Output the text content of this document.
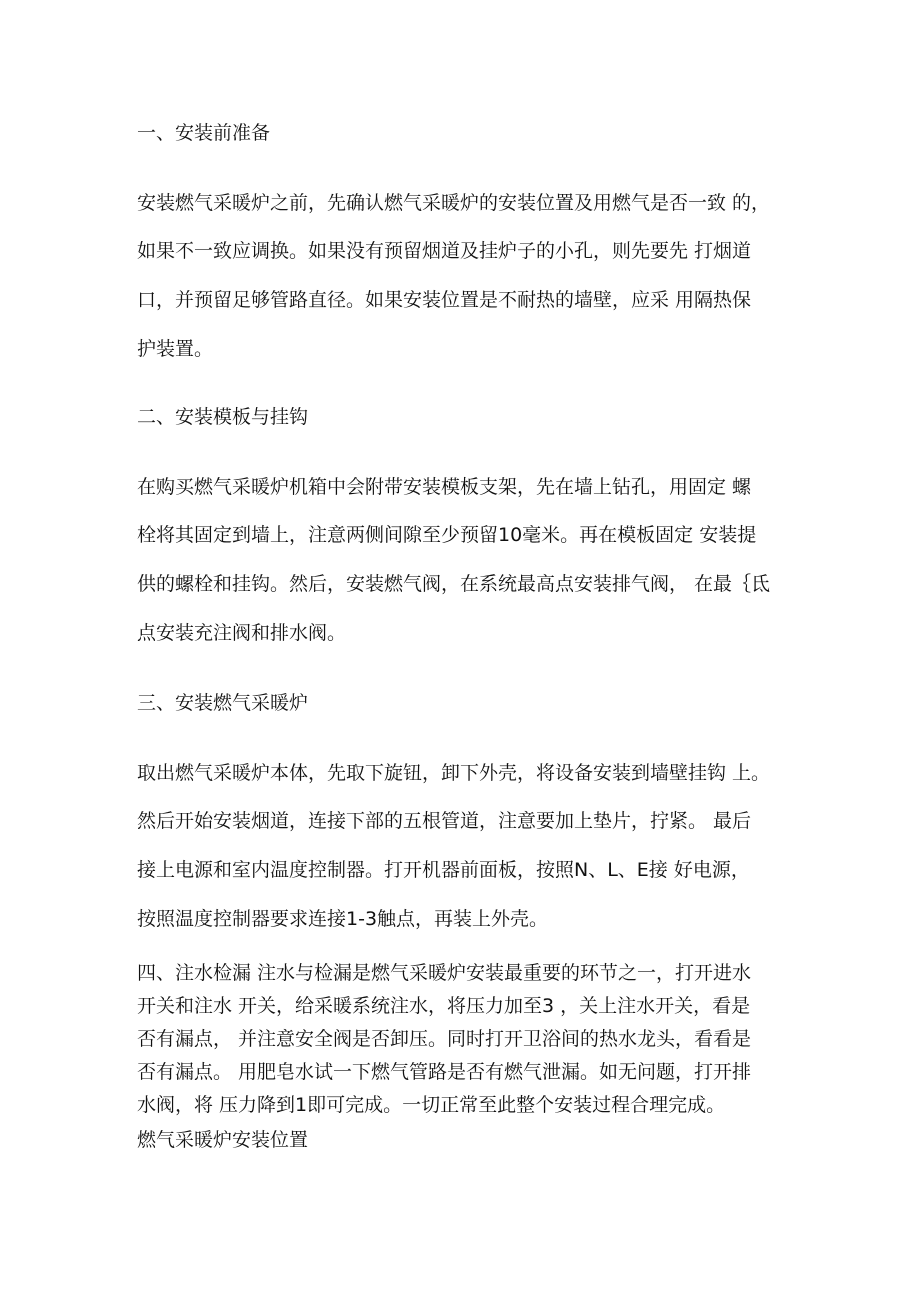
一、安装前准备

安装燃气采暖炉之前，先确认燃气采暖炉的安装位置及用燃气是否一致 的，

如果不一致应调换。如果没有预留烟道及挂炉子的小孔，则先要先 打烟道

口，并预留足够管路直径。如果安装位置是不耐热的墙壁，应采 用隔热保

护装置。

二、安装模板与挂钩

在购买燃气采暖炉机箱中会附带安装模板支架，先在墙上钻孔，用固定 螺

栓将其固定到墙上，注意两侧间隙至少预留10毫米。再在模板固定 安装提

供的螺栓和挂钩。然后，安装燃气阀，在系统最高点安装排气阀， 在最｛氐

点安装充注阀和排水阀。

三、安装燃气采暖炉

取出燃气采暖炉本体，先取下旋钮，卸下外壳，将设备安装到墙壁挂钩 上。

然后开始安装烟道，连接下部的五根管道，注意要加上垫片，拧紧。 最后

接上电源和室内温度控制器。打开机器前面板，按照N、L、E接 好电源，

按照温度控制器要求连接1-3触点，再装上外壳。

四、注水检漏 注水与检漏是燃气采暖炉安装最重要的环节之一，打开进水

开关和注水 开关，给采暖系统注水，将压力加至3 ，关上注水开关，看是

否有漏点， 并注意安全阀是否卸压。同时打开卫浴间的热水龙头，看看是

否有漏点。 用肥皂水试一下燃气管路是否有燃气泄漏。如无问题，打开排

水阀，将 压力降到1即可完成。一切正常至此整个安装过程合理完成。

燃气采暖炉安装位置
